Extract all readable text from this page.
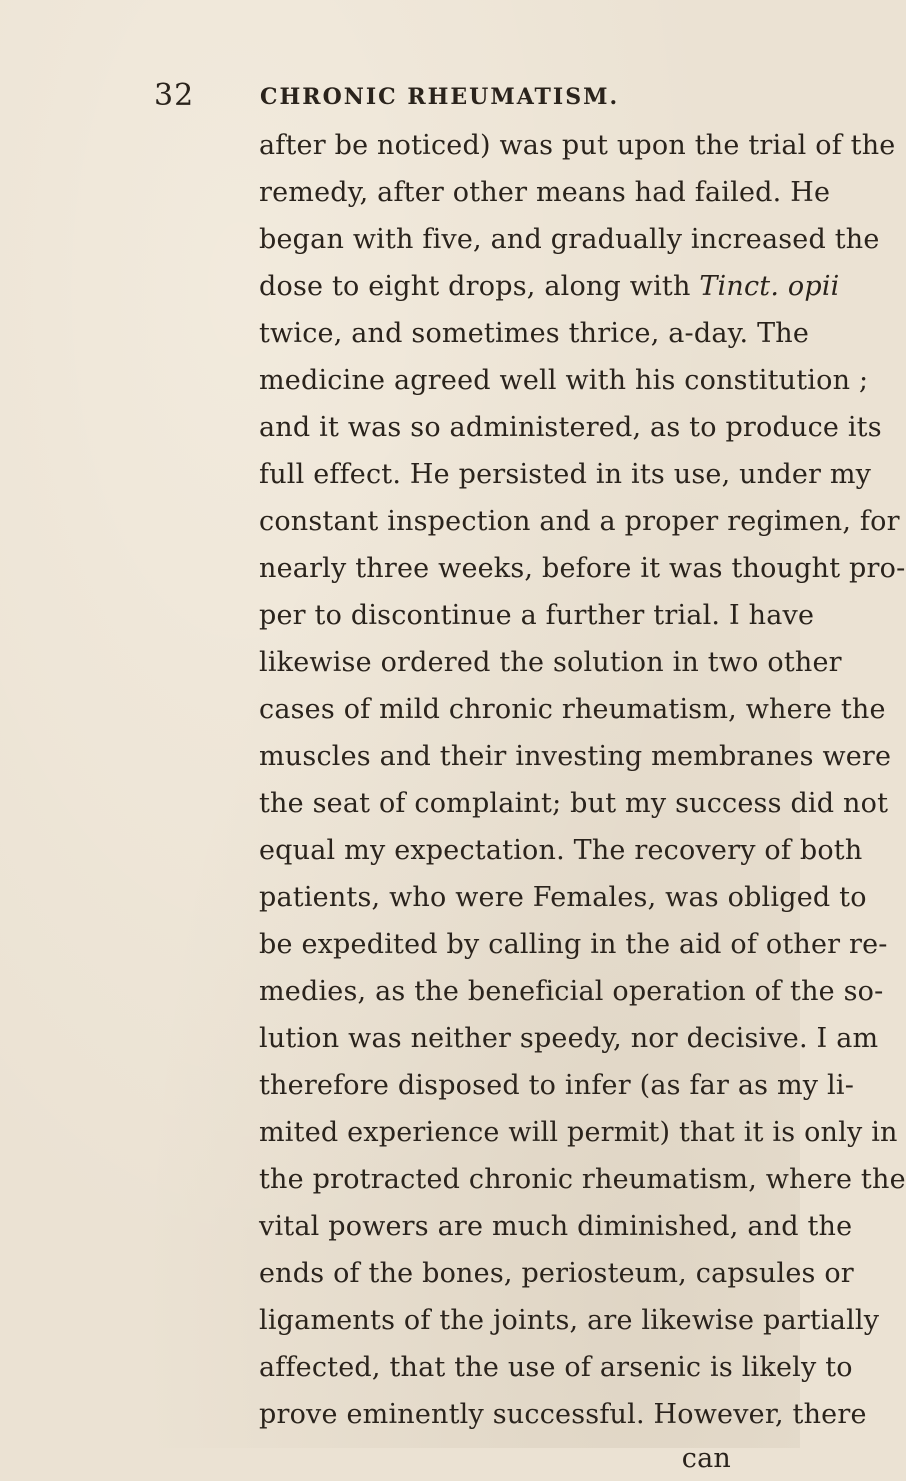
32	CHRONIC RHEUMATISM.
after be noticed) was put upon the trial of the
remedy, after other means had failed. He
began with five, and gradually increased the
dose to eight drops, along with Tinct. opii
twice, and sometimes thrice, a-day. The
medicine agreed well with his constitution ;
and it was so administered, as to produce its
full effect. He persisted in its use, under my
constant inspection and a proper regimen, for
nearly three weeks, before it was thought pro-
per to discontinue a further trial. I have
likewise ordered the solution in two other
cases of mild chronic rheumatism, where the
muscles and their investing membranes were
the seat of complaint; but my success did not
equal my expectation. The recovery of both
patients, who were Females, was obliged to
be expedited by calling in the aid of other re-
medies, as the beneficial operation of the so-
lution was neither speedy, nor decisive. I am
therefore disposed to infer (as far as my li-
mited experience will permit) that it is only in
the protracted chronic rheumatism, where the
vital powers are much diminished, and the
ends of the bones, periosteum, capsules or
ligaments of the joints, are likewise partially
affected, that the use of arsenic is likely to
prove eminently successful. However, there
can
